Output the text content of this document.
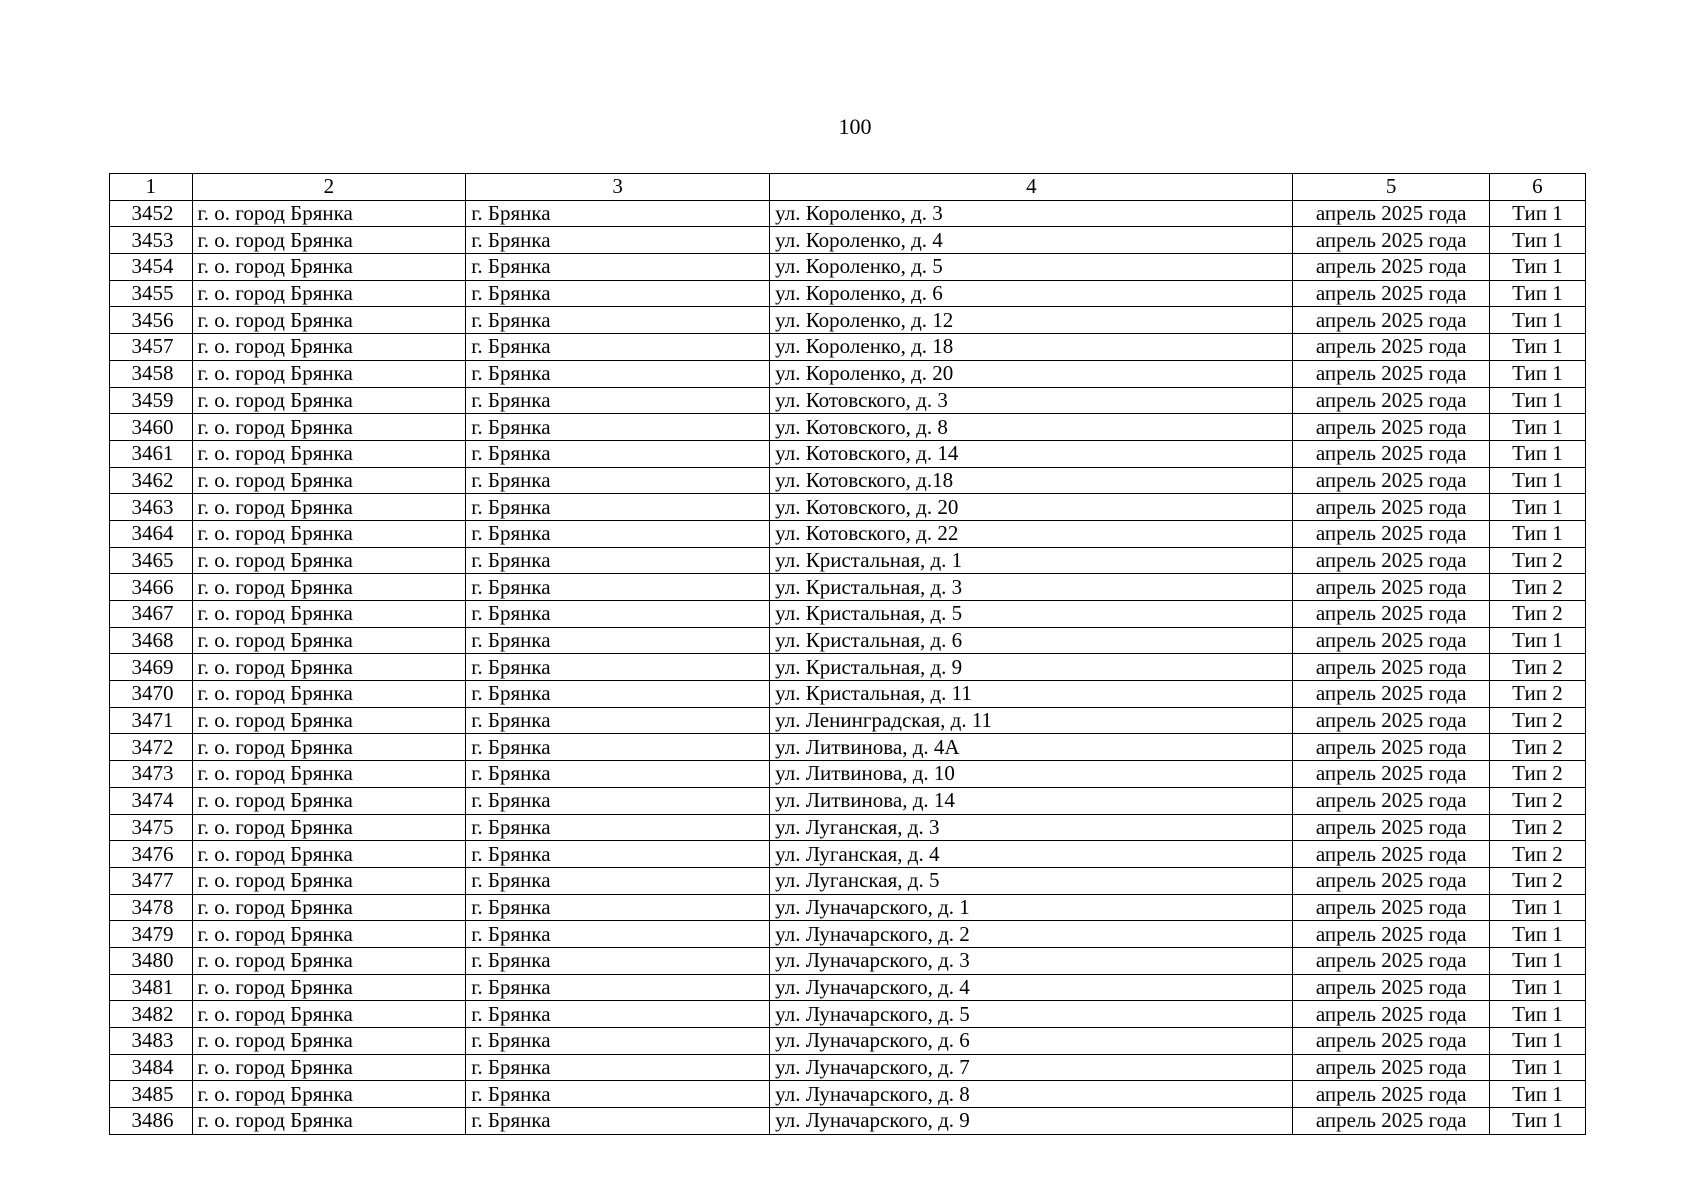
100
1	2	3	4	5	6
3452	г. о. город Брянка	г. Брянка	ул. Короленко, д. 3	апрель 2025 года	Тип 1
3453	г. о. город Брянка	г. Брянка	ул. Короленко, д. 4	апрель 2025 года	Тип 1
3454	г. о. город Брянка	г. Брянка	ул. Короленко, д. 5	апрель 2025 года	Тип 1
3455	г. о. город Брянка	г. Брянка	ул. Короленко, д. 6	апрель 2025 года	Тип 1
3456	г. о. город Брянка	г. Брянка	ул. Короленко, д. 12	апрель 2025 года	Тип 1
3457	г. о. город Брянка	г. Брянка	ул. Короленко, д. 18	апрель 2025 года	Тип 1
3458	г. о. город Брянка	г. Брянка	ул. Короленко, д. 20	апрель 2025 года	Тип 1
3459	г. о. город Брянка	г. Брянка	ул. Котовского, д. 3	апрель 2025 года	Тип 1
3460	г. о. город Брянка	г. Брянка	ул. Котовского, д. 8	апрель 2025 года	Тип 1
3461	г. о. город Брянка	г. Брянка	ул. Котовского, д. 14	апрель 2025 года	Тип 1
3462	г. о. город Брянка	г. Брянка	ул. Котовского, д.18	апрель 2025 года	Тип 1
3463	г. о. город Брянка	г. Брянка	ул. Котовского, д. 20	апрель 2025 года	Тип 1
3464	г. о. город Брянка	г. Брянка	ул. Котовского, д. 22	апрель 2025 года	Тип 1
3465	г. о. город Брянка	г. Брянка	ул. Кристальная, д. 1	апрель 2025 года	Тип 2
3466	г. о. город Брянка	г. Брянка	ул. Кристальная, д. 3	апрель 2025 года	Тип 2
3467	г. о. город Брянка	г. Брянка	ул. Кристальная, д. 5	апрель 2025 года	Тип 2
3468	г. о. город Брянка	г. Брянка	ул. Кристальная, д. 6	апрель 2025 года	Тип 1
3469	г. о. город Брянка	г. Брянка	ул. Кристальная, д. 9	апрель 2025 года	Тип 2
3470	г. о. город Брянка	г. Брянка	ул. Кристальная, д. 11	апрель 2025 года	Тип 2
3471	г. о. город Брянка	г. Брянка	ул. Ленинградская, д. 11	апрель 2025 года	Тип 2
3472	г. о. город Брянка	г. Брянка	ул. Литвинова, д. 4А	апрель 2025 года	Тип 2
3473	г. о. город Брянка	г. Брянка	ул. Литвинова, д. 10	апрель 2025 года	Тип 2
3474	г. о. город Брянка	г. Брянка	ул. Литвинова, д. 14	апрель 2025 года	Тип 2
3475	г. о. город Брянка	г. Брянка	ул. Луганская, д. 3	апрель 2025 года	Тип 2
3476	г. о. город Брянка	г. Брянка	ул. Луганская, д. 4	апрель 2025 года	Тип 2
3477	г. о. город Брянка	г. Брянка	ул. Луганская, д. 5	апрель 2025 года	Тип 2
3478	г. о. город Брянка	г. Брянка	ул. Луначарского, д. 1	апрель 2025 года	Тип 1
3479	г. о. город Брянка	г. Брянка	ул. Луначарского, д. 2	апрель 2025 года	Тип 1
3480	г. о. город Брянка	г. Брянка	ул. Луначарского, д. 3	апрель 2025 года	Тип 1
3481	г. о. город Брянка	г. Брянка	ул. Луначарского, д. 4	апрель 2025 года	Тип 1
3482	г. о. город Брянка	г. Брянка	ул. Луначарского, д. 5	апрель 2025 года	Тип 1
3483	г. о. город Брянка	г. Брянка	ул. Луначарского, д. 6	апрель 2025 года	Тип 1
3484	г. о. город Брянка	г. Брянка	ул. Луначарского, д. 7	апрель 2025 года	Тип 1
3485	г. о. город Брянка	г. Брянка	ул. Луначарского, д. 8	апрель 2025 года	Тип 1
3486	г. о. город Брянка	г. Брянка	ул. Луначарского, д. 9	апрель 2025 года	Тип 1
